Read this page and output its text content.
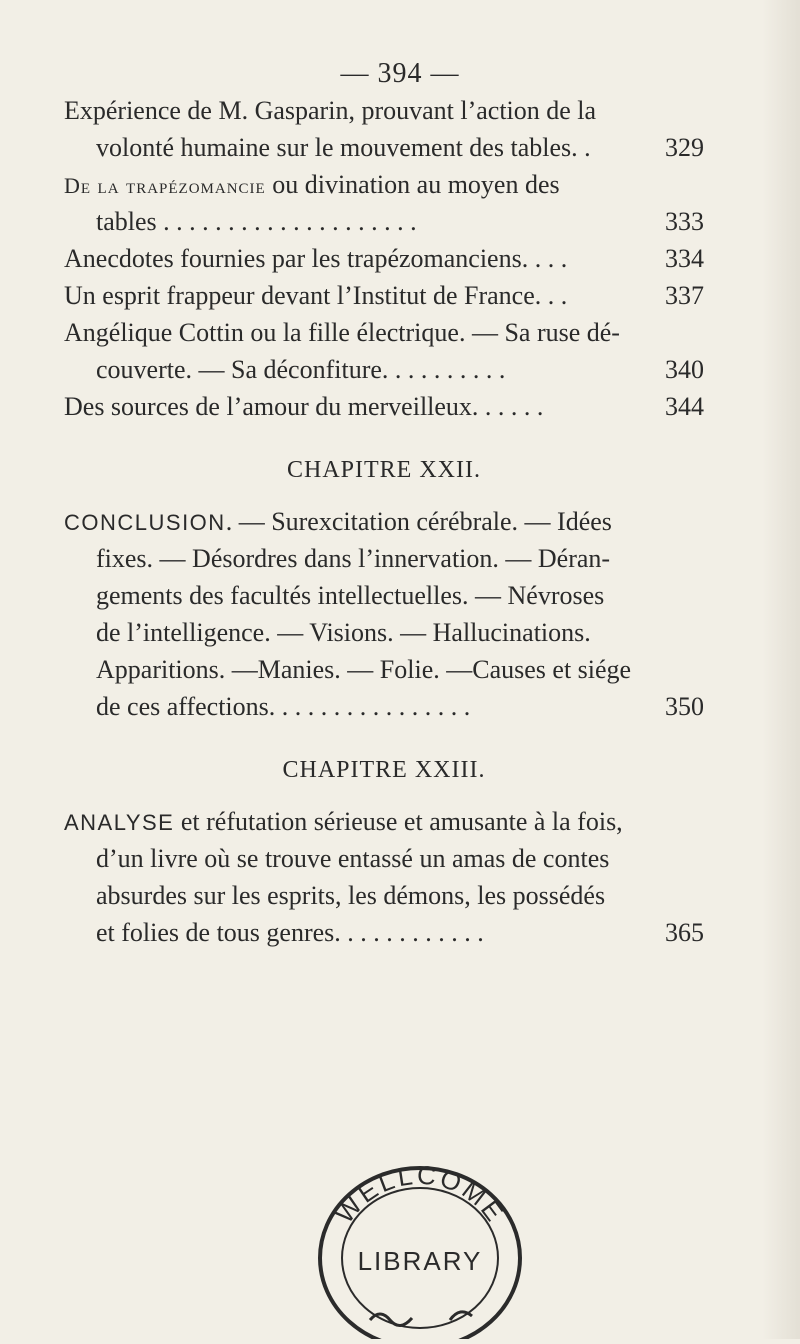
— 394 —
Expérience de M. Gasparin, prouvant l’action de la
volonté humaine sur le mouvement des tables. .	329
De la trapézomancie ou divination au moyen des
tables . . . . . . . . . . . . . . . . . . . .	333
Anecdotes fournies par les trapézomanciens. . . .	334
Un esprit frappeur devant l’Institut de France. . .	337
Angélique Cottin ou la fille électrique. — Sa ruse dé-
couverte. — Sa déconfiture. . . . . . . . . .	340
Des sources de l’amour du merveilleux. . . . . .	344
CHAPITRE XXII.
CONCLUSION . — Surexcitation cérébrale. — Idées
fixes. — Désordres dans l’innervation. — Déran-
gements des facultés intellectuelles. — Névroses
de l’intelligence. — Visions. — Hallucinations.
Apparitions. —Manies. — Folie. —Causes et siége
de ces affections. . . . . . . . . . . . . . . .	350
CHAPITRE XXIII.
ANALYSE et réfutation sérieuse et amusante à la fois,
d’un livre où se trouve entassé un amas de contes
absurdes sur les esprits, les démons, les possédés
et folies de tous genres. . . . . . . . . . . .	365
WELLCOME
LIBRARY
